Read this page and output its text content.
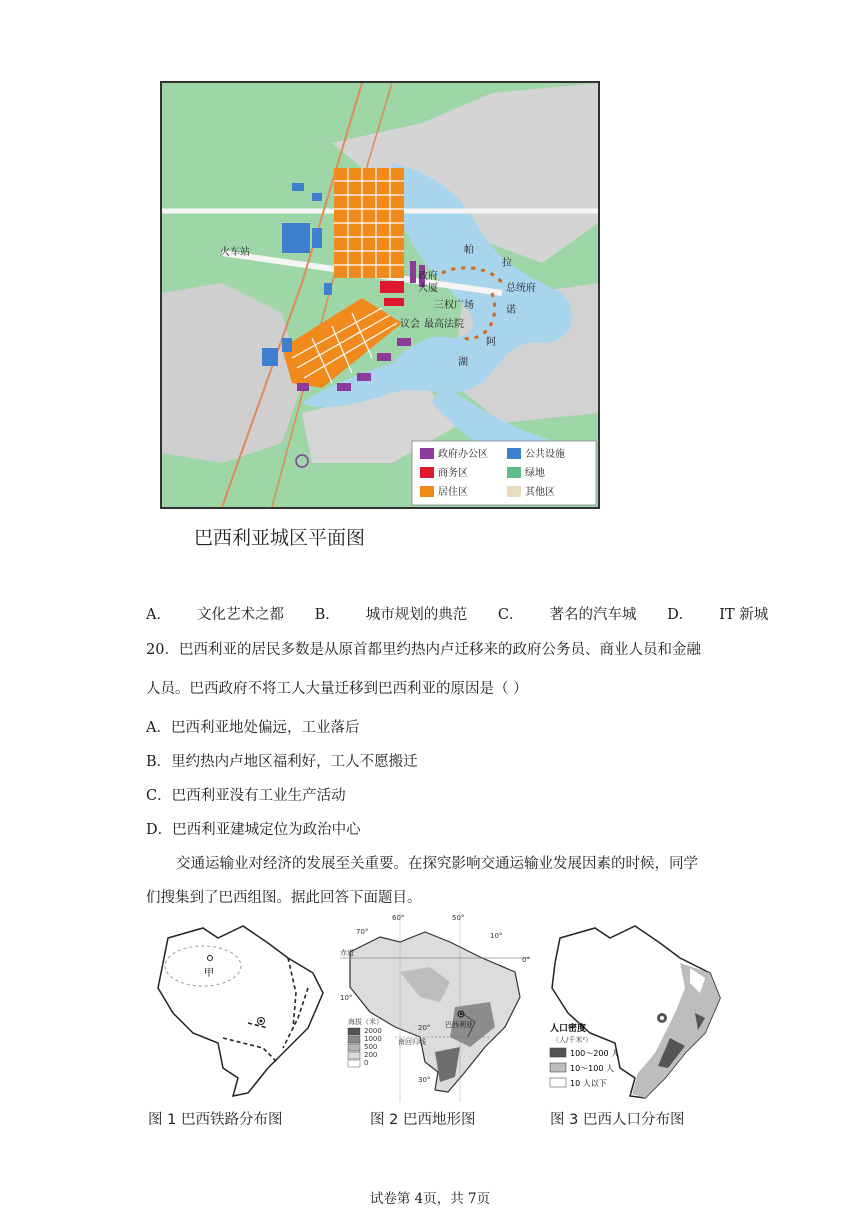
火车站
政府
大厦
三权广场
总统府
议会 最高法院
帕
拉
诺
阿
湖
政府办公区	公共设施
商务区	绿地
居住区	其他区
巴西利亚城区平面图
A． 文化艺术之都 B． 城市规划的典范 C． 著名的汽车城 D． IT 新城
20．巴西利亚的居民多数是从原首都里约热内卢迁移来的政府公务员、商业人员和金融
人员。巴西政府不将工人大量迁移到巴西利亚的原因是（ ）
A．巴西利亚地处偏远，工业落后
B．里约热内卢地区福利好，工人不愿搬迁
C．巴西利亚没有工业生产活动
D．巴西利亚建城定位为政治中心
交通运输业对经济的发展至关重要。在探究影响交通运输业发展因素的时候，同学
们搜集到了巴西组图。据此回答下面题目。
甲
图 1 巴西铁路分布图
赤道
60°	50°
70°	10°
0°
10°
20°
30°
巴西利亚
南回归线
海拔（米）
2000
1000
500
200
0
图 2 巴西地形图
人口密度
（人/千米²）
100～200 人
10～100 人
10 人以下
图 3 巴西人口分布图
试卷第 4页，共 7页
